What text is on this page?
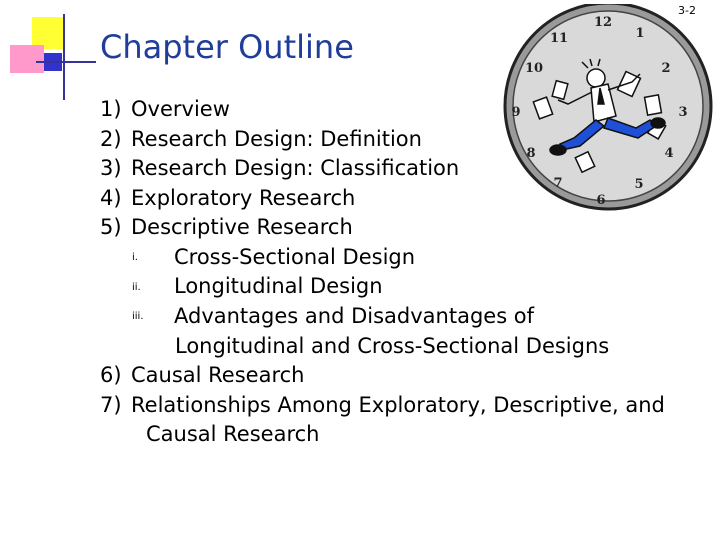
3-2
Chapter Outline
12
1
2
3
4
5
6
7
8
9
10
11
1) Overview
2) Research Design: Definition
3) Research Design: Classification
4) Exploratory Research
5) Descriptive Research
i. Cross-Sectional Design
ii. Longitudinal Design
iii. Advantages and Disadvantages of
Longitudinal and Cross-Sectional Designs
6) Causal Research
7) Relationships Among Exploratory, Descriptive, and
Causal Research
